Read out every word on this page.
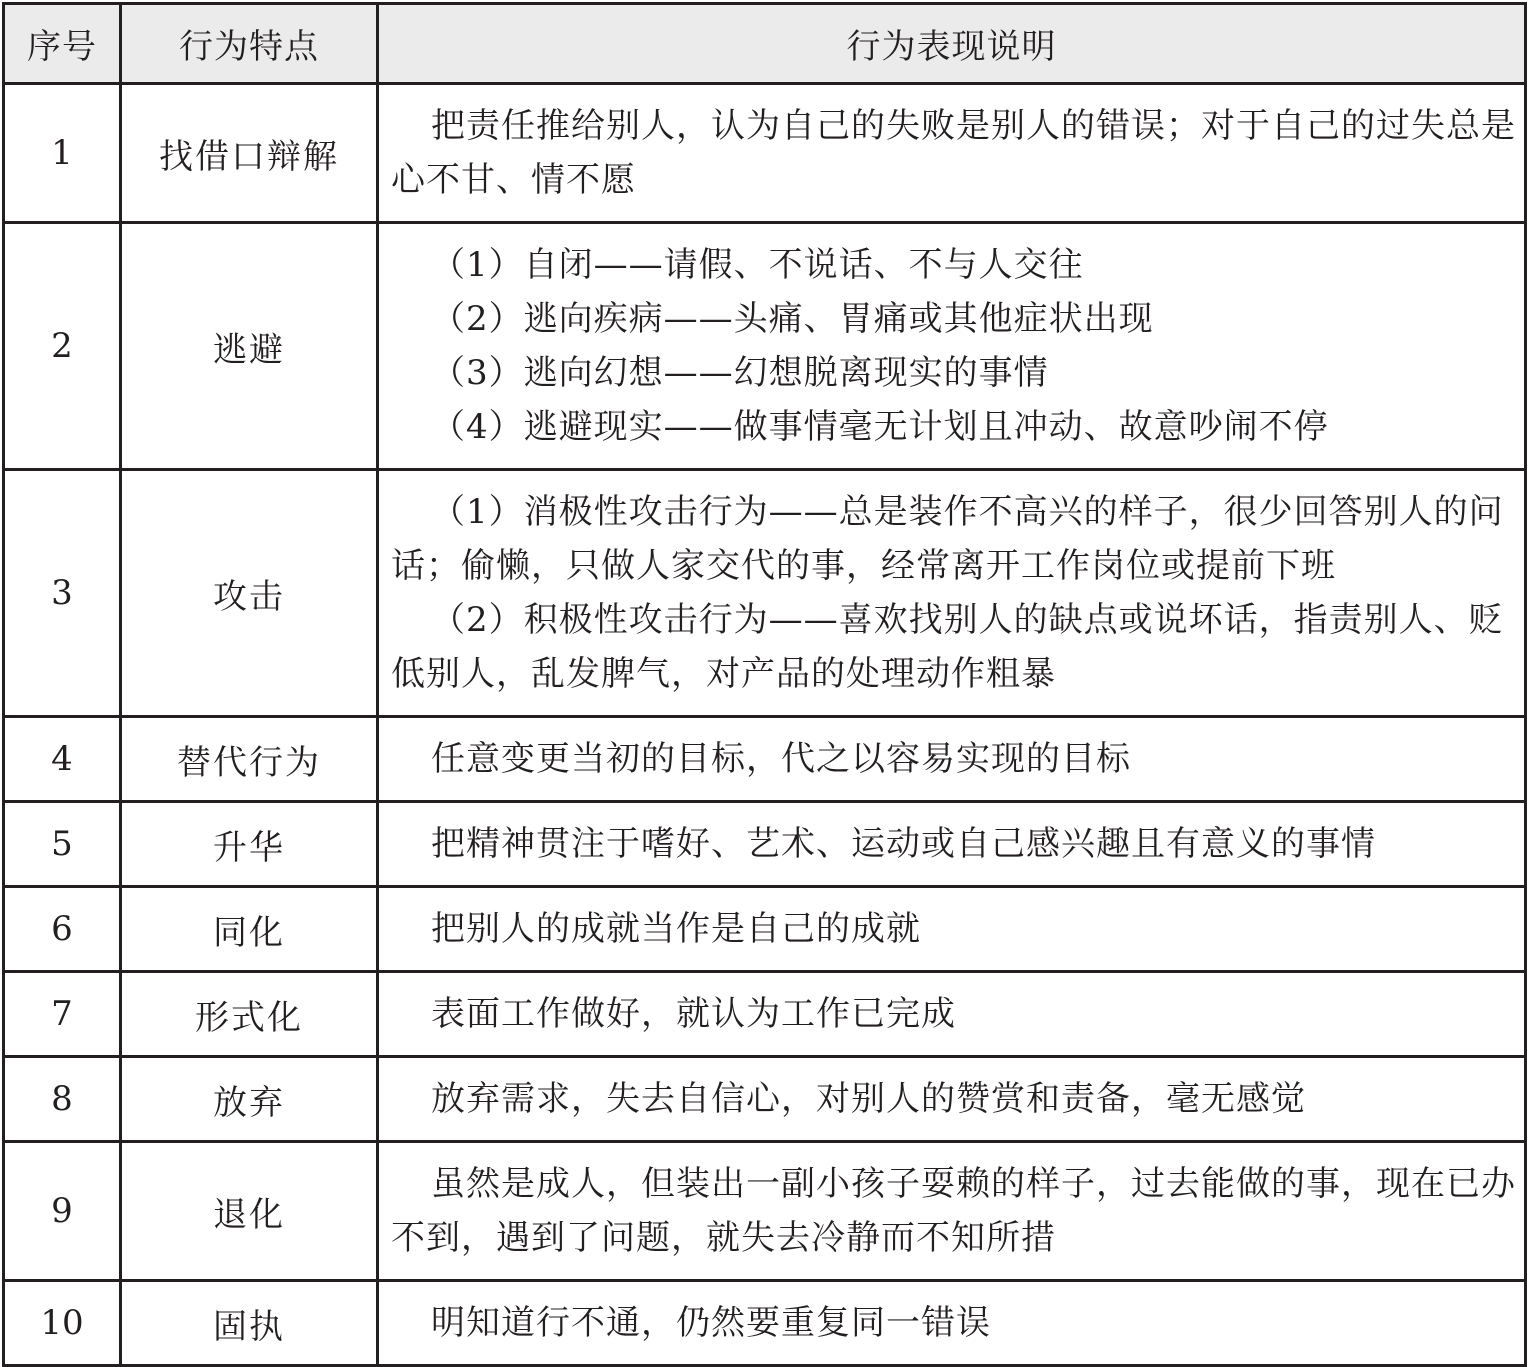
序号	行为特点	行为表现说明
1	找借口辩解	把责任推给别人，认为自己的失败是别人的错误；对于自己的过失总是心不甘、情不愿

2	逃避	（1）自闭——请假、不说话、不与人交往

（2）逃向疾病——头痛、胃痛或其他症状出现

（3）逃向幻想——幻想脱离现实的事情

（4）逃避现实——做事情毫无计划且冲动、故意吵闹不停

3	攻击	（1）消极性攻击行为——总是装作不高兴的样子，很少回答别人的问话；偷懒，只做人家交代的事，经常离开工作岗位或提前下班

（2）积极性攻击行为——喜欢找别人的缺点或说坏话，指责别人、贬低别人，乱发脾气，对产品的处理动作粗暴

4	替代行为	任意变更当初的目标，代之以容易实现的目标

5	升华	把精神贯注于嗜好、艺术、运动或自己感兴趣且有意义的事情

6	同化	把别人的成就当作是自己的成就

7	形式化	表面工作做好，就认为工作已完成

8	放弃	放弃需求，失去自信心，对别人的赞赏和责备，毫无感觉

9	退化	虽然是成人，但装出一副小孩子耍赖的样子，过去能做的事，现在已办不到，遇到了问题，就失去冷静而不知所措

10	固执	明知道行不通，仍然要重复同一错误
